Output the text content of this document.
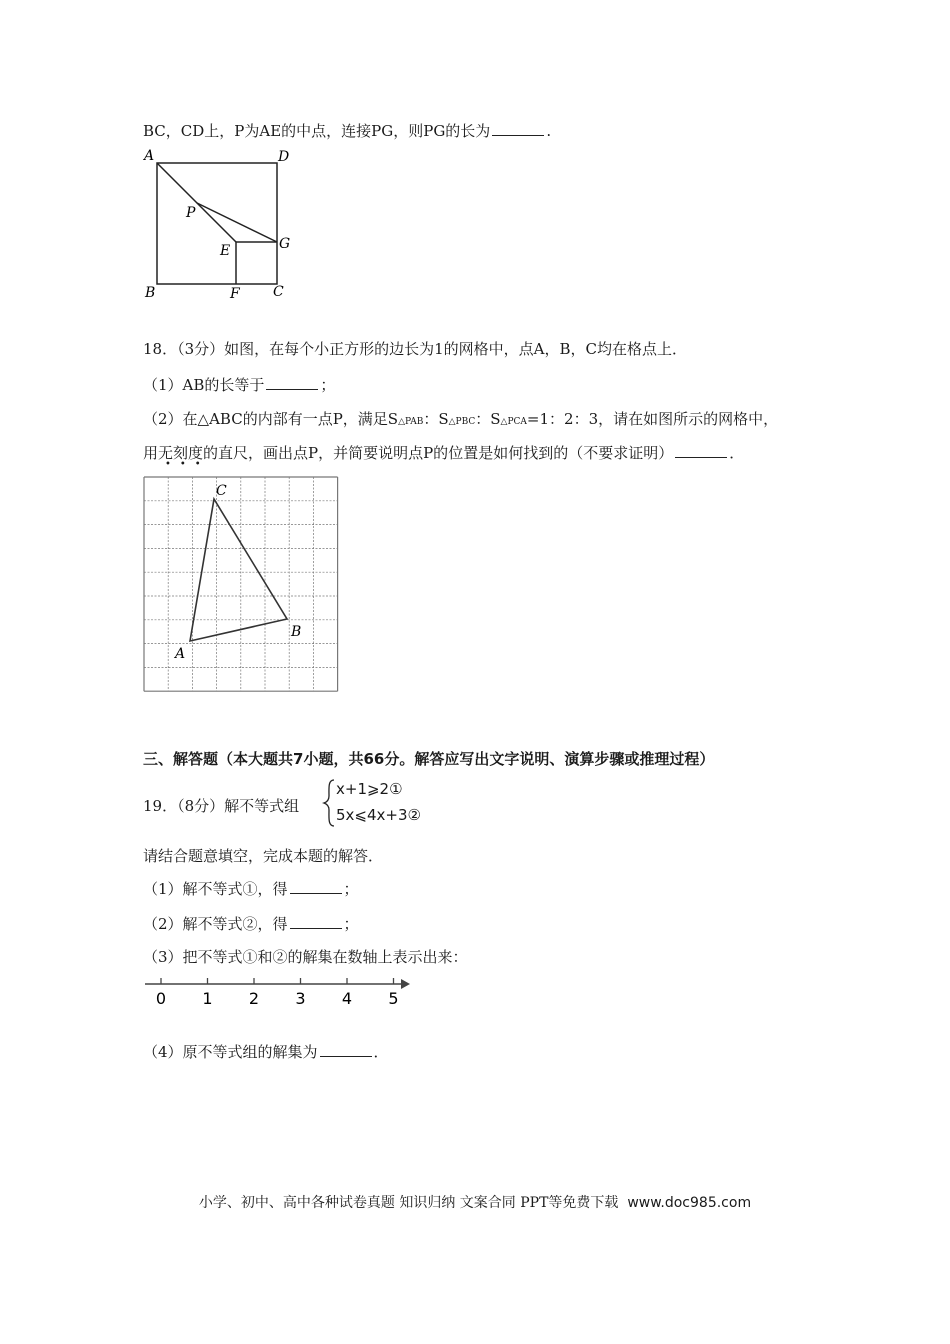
BC，CD上，P为AE的中点，连接PG，则PG的长为	.
A	D
P
E	G
B	F C
18．（3分）如图，在每个小正方形的边长为1的网格中，点A，B，C均在格点上．
（1）AB的长等于	；
（2）在△ABC的内部有一点P，满足S△PAB：S△PBC：S△PCA=1：2：3，请在如图所示的网格中，
用无刻度的直尺，画出点P，并简要说明点P的位置是如何找到的（不要求证明）	．
•••
A
B
C
三、解答题（本大题共7小题，共66分。解答应写出文字说明、演算步骤或推理过程）
19．（8分）解不等式组
x+1⩾2①
5x⩽4x+3②
请结合题意填空，完成本题的解答．
（1）解不等式①，得	；
（2）解不等式②，得	；
（3）把不等式①和②的解集在数轴上表示出来：
0 1 2 3 4 5
（4）原不等式组的解集为	．
小学、初中、高中各种试卷真题 知识归纳 文案合同 PPT等免费下载 www.doc985.com
